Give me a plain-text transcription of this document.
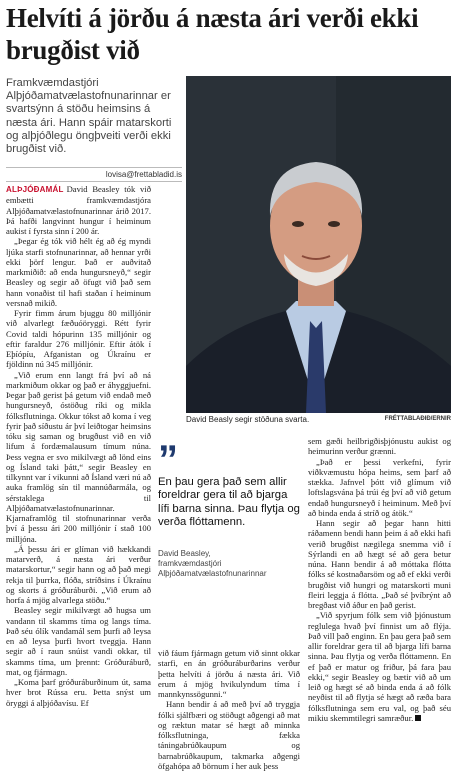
Helvíti á jörðu á næsta ári verði ekki brugðist við
Framkvæmdastjóri Alþjóðamatvælastofnunarinnar er svartsýnn á stöðu heimsins á næsta ári. Hann spáir matarskorti og alþjóðlegu öngþveiti verði ekki brugðist við.
lovisa@frettabladid.is

ALÞJÓÐAMÁL David Beasley tók við embætti framkvæmdastjóra Alþjóðamatvælastofnunarinnar árið 2017. Þá hafði langvinnt hungur í heiminum aukist í fyrsta sinn í 200 ár.

„Þegar ég tók við hélt ég að ég myndi ljúka starfi stofnunarinnar, að hennar yrði ekki þörf lengur. Það er auðvitað markmiðið: að enda hungursneyð,“ segir Beasley og segir að öfugt við það sem hann vonaðist til hafi staðan í heiminum versnað mikið.

Fyrir fimm árum bjuggu 80 milljónir við alvarlegt fæðuóöryggi. Rétt fyrir Covid taldi hópurinn 135 milljónir og eftir faraldur 276 milljónir. Eftir átök í Eþíópíu, Afganistan og Úkraínu er fjöldinn nú 345 milljónir.

„Við erum enn langt frá því að ná markmiðum okkar og það er áhyggjuefni. Þegar það gerist þá getum við endað með hungursneyð, óstöðug ríki og mikla fólksflutninga. Okkur tókst að koma í veg fyrir það síðustu ár því leiðtogar heimsins tóku sig saman og brugðust við en við lifum á fordæmalausum tímum núna. Þess vegna er svo mikilvægt að lönd eins og Ísland taki þátt,“ segir Beasley en tilkynnt var í vikunni að Ísland væri nú að auka framlög sín til mannúðarmála, og sérstaklega til Alþjóðamatvælastofnunarinnar. Kjarnaframlög til stofnunarinnar verða því á þessu ári 200 milljónir í stað 100 milljóna.

„Á þessu ári er glíman við hækkandi matarverð, á næsta ári verður matarskortur,“ segir hann og að það megi rekja til þurrka, flóða, stríðsins í Úkraínu og skorts á gróðuráburði. „Við erum að horfa á mjög alvarlega stöðu.“

Beasley segir mikilvægt að hugsa um vandann til skamms tíma og langs tíma. Það séu ólík vandamál sem þurfi að leysa en að leysa þurfi hvort tveggja. Hann segir að í raun snúist vandi okkar, til skamms tíma, um þrennt: Gróðuráburð, mat, og fjármagn.

„Koma þarf gróðuráburðinum út, sama hver brot Rússa eru. Þetta snýst um öryggi á alþjóðavísu. Ef

David Beasly segir stöðuna svarta.	FRÉTTABLAÐIÐ/ERNIR
”
En þau gera það sem allir foreldrar gera til að bjarga lífi barna sinna. Þau flytja og verða flóttamenn.
David Beasley,
framkvæmdastjóri Alþjóðamatvælastofnunarinnar

við fáum fjármagn getum við sinnt okkar starfi, en án gróðuráburðarins verður þetta helvíti á jörðu á næsta ári. Við erum á mjög hvikulyndum tíma í mannkynssögunni.“

Hann bendir á að með því að tryggja fólki sjálfbæri og stöðugt aðgengi að mat og ræktun matar sé hægt að minnka fólksflutninga, fækka táningabrúðkaupum og barnabrúðkaupum, takmarka aðgengi öfgahópa að börnum í her auk þess

sem gæði heilbrigðisþjónustu aukist og heimurinn verður grænni.

„Það er þessi verkefni, fyrir viðkvæmustu hópa heims, sem þarf að stækka. Jafnvel þótt við glímum við loftslagsvána þá trúi ég því að við getum endað hungursneyð í heiminum. Með því að binda enda á stríð og átök.“

Hann segir að þegar hann hitti ráðamenn bendi hann þeim á að ekki hafi verið brugðist nægilega snemma við í Sýrlandi en að hægt sé að gera betur núna. Hann bendir á að móttaka flótta fólks sé kostnaðarsöm og að ef ekki verði brugðist við hungri og matarskorti muni fleiri leggja á flótta. „Það sé þvíbrýnt að bregðast við áður en það gerist.

„Við spyrjum fólk sem við þjónustum reglulega hvað því finnist um að flýja. Það vill það enginn. En þau gera það sem allir foreldrar gera til að bjarga lífi barna sinna. Þau flytja og verða flóttamenn. En ef það er matur og friður, þá fara þau ekki,“ segir Beasley og bætir við að um leið og hægt sé að binda enda á að fólk neyðist til að flytja sé hægt að ræða bara fólksflutninga sem eru val, og það séu mikiu skemmtilegri samræður.
